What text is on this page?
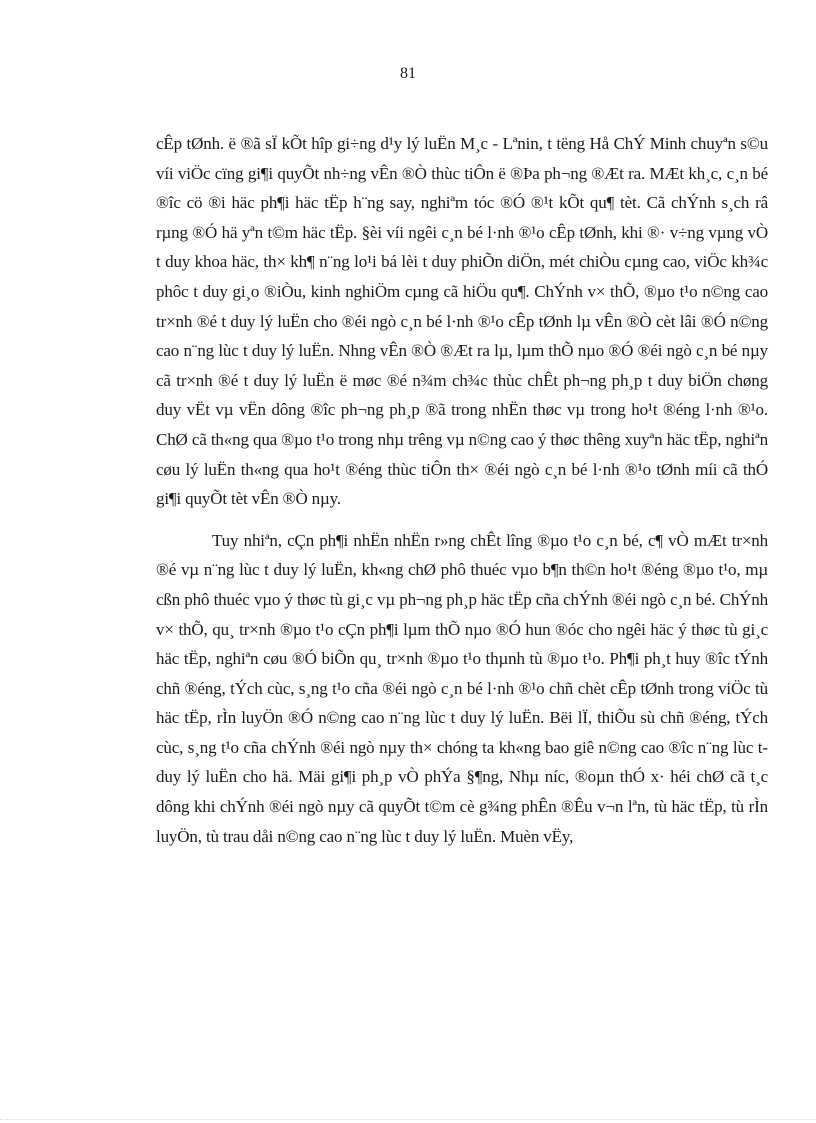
81

cÊp tØnh. ë ®ã sÏ kÕt hîp gi÷ng d¹y lý luËn M¸c - Lªnin, t tëng Hå ChÝ Minh chuyªn s©u víi viÖc cïng gi¶i quyÕt nh÷ng vÊn ®Ò thùc tiÔn ë ®Þa ph¬ng ®Æt ra. MÆt kh¸c, c¸n bé ®îc cö ®i häc ph¶i häc tËp h¨ng say, nghiªm tóc ®Ó ®¹t kÕt qu¶ tèt. Cã chÝnh s¸ch râ rµng ®Ó hä yªn t©m häc tËp. §èi víi ngêi c¸n bé l·nh ®¹o cÊp tØnh, khi ®· v÷ng vµng vÒ t duy khoa häc, th× kh¶ n¨ng lo¹i bá lèi t duy phiÕn diÖn, mét chiÒu cµng cao, viÖc kh¾c phôc t duy gi¸o ®iÒu, kinh nghiÖm cµng cã hiÖu qu¶. ChÝnh v× thÕ, ®µo t¹o n©ng cao tr×nh ®é t duy lý luËn cho ®éi ngò c¸n bé l·nh ®¹o cÊp tØnh lµ vÊn ®Ò cèt lâi ®Ó n©ng cao n¨ng lùc t duy lý luËn. Nhng vÊn ®Ò ®Æt ra lµ, lµm thÕ nµo ®Ó ®éi ngò c¸n bé nµy cã tr×nh ®é t duy lý luËn ë møc ®é n¾m ch¾c thùc chÊt ph¬ng ph¸p t duy biÖn chøng duy vËt vµ vËn dông ®îc ph¬ng ph¸p ®ã trong nhËn thøc vµ trong ho¹t ®éng l·nh ®¹o. ChØ cã th«ng qua ®µo t¹o trong nhµ trêng vµ n©ng cao ý thøc thêng xuyªn häc tËp, nghiªn cøu lý luËn th«ng qua ho¹t ®éng thùc tiÔn th× ®éi ngò c¸n bé l·nh ®¹o tØnh míi cã thÓ gi¶i quyÕt tèt vÊn ®Ò nµy.

Tuy nhiªn, cÇn ph¶i nhËn nhËn r»ng chÊt lîng ®µo t¹o c¸n bé, c¶ vÒ mÆt tr×nh ®é vµ n¨ng lùc t duy lý luËn, kh«ng chØ phô thuéc vµo b¶n th©n ho¹t ®éng ®µo t¹o, mµ cßn phô thuéc vµo ý thøc tù gi¸c vµ ph¬ng ph¸p häc tËp cña chÝnh ®éi ngò c¸n bé. ChÝnh v× thÕ, qu¸ tr×nh ®µo t¹o cÇn ph¶i lµm thÕ nµo ®Ó hun ®óc cho ngêi häc ý thøc tù gi¸c häc tËp, nghiªn cøu ®Ó biÕn qu¸ tr×nh ®µo t¹o thµnh tù ®µo t¹o. Ph¶i ph¸t huy ®îc tÝnh chñ ®éng, tÝch cùc, s¸ng t¹o cña ®éi ngò c¸n bé l·nh ®¹o chñ chèt cÊp tØnh trong viÖc tù häc tËp, rÌn luyÖn ®Ó n©ng cao n¨ng lùc t duy lý luËn. Bëi lÏ, thiÕu sù chñ ®éng, tÝch cùc, s¸ng t¹o cña chÝnh ®éi ngò nµy th× chóng ta kh«ng bao giê n©ng cao ®îc n¨ng lùc t duy lý luËn cho hä. Mäi gi¶i ph¸p vÒ phÝa §¶ng, Nhµ níc, ®oµn thÓ x· héi chØ cã t¸c dông khi chÝnh ®éi ngò nµy cã quyÕt t©m cè g¾ng phÊn ®Êu v¬n lªn, tù häc tËp, tù rÌn luyÖn, tù trau dåi n©ng cao n¨ng lùc t duy lý luËn. Muèn vËy,
